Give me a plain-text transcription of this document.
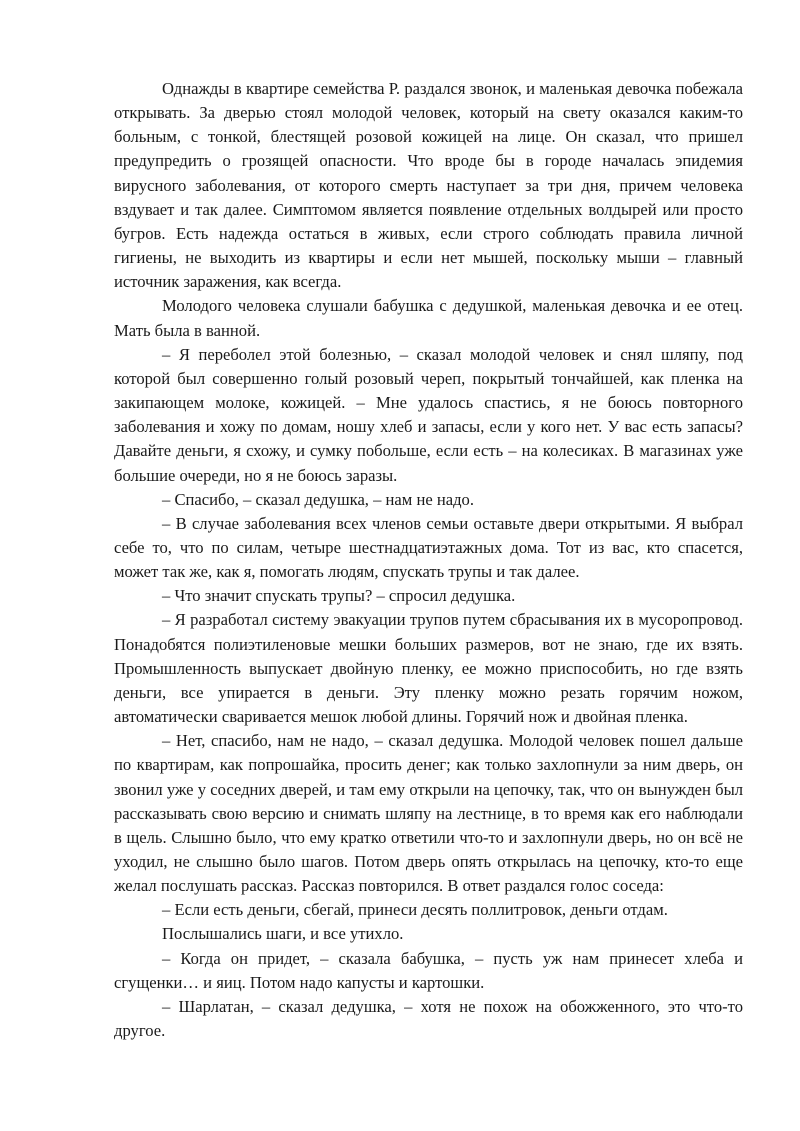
Однажды в квартире семейства Р. раздался звонок, и маленькая девочка побежала открывать. За дверью стоял молодой человек, который на свету оказался каким-то больным, с тонкой, блестящей розовой кожицей на лице. Он сказал, что пришел предупредить о грозящей опасности. Что вроде бы в городе началась эпидемия вирусного заболевания, от которого смерть наступает за три дня, причем человека вздувает и так далее. Симптомом является появление отдельных волдырей или просто бугров. Есть надежда остаться в живых, если строго соблюдать правила личной гигиены, не выходить из квартиры и если нет мышей, поскольку мыши – главный источник заражения, как всегда.

Молодого человека слушали бабушка с дедушкой, маленькая девочка и ее отец. Мать была в ванной.

– Я переболел этой болезнью, – сказал молодой человек и снял шляпу, под которой был совершенно голый розовый череп, покрытый тончайшей, как пленка на закипающем молоке, кожицей. – Мне удалось спастись, я не боюсь повторного заболевания и хожу по домам, ношу хлеб и запасы, если у кого нет. У вас есть запасы? Давайте деньги, я схожу, и сумку побольше, если есть – на колесиках. В магазинах уже большие очереди, но я не боюсь заразы.

– Спасибо, – сказал дедушка, – нам не надо.

– В случае заболевания всех членов семьи оставьте двери открытыми. Я выбрал себе то, что по силам, четыре шестнадцатиэтажных дома. Тот из вас, кто спасется, может так же, как я, помогать людям, спускать трупы и так далее.

– Что значит спускать трупы? – спросил дедушка.

– Я разработал систему эвакуации трупов путем сбрасывания их в мусоропровод. Понадобятся полиэтиленовые мешки больших размеров, вот не знаю, где их взять. Промышленность выпускает двойную пленку, ее можно приспособить, но где взять деньги, все упирается в деньги. Эту пленку можно резать горячим ножом, автоматически сваривается мешок любой длины. Горячий нож и двойная пленка.

– Нет, спасибо, нам не надо, – сказал дедушка. Молодой человек пошел дальше по квартирам, как попрошайка, просить денег; как только захлопнули за ним дверь, он звонил уже у соседних дверей, и там ему открыли на цепочку, так, что он вынужден был рассказывать свою версию и снимать шляпу на лестнице, в то время как его наблюдали в щель. Слышно было, что ему кратко ответили что-то и захлопнули дверь, но он всё не уходил, не слышно было шагов. Потом дверь опять открылась на цепочку, кто-то еще желал послушать рассказ. Рассказ повторился. В ответ раздался голос соседа:

– Если есть деньги, сбегай, принеси десять поллитровок, деньги отдам.

Послышались шаги, и все утихло.

– Когда он придет, – сказала бабушка, – пусть уж нам принесет хлеба и сгущенки… и яиц. Потом надо капусты и картошки.

– Шарлатан, – сказал дедушка, – хотя не похож на обожженного, это что-то другое.
